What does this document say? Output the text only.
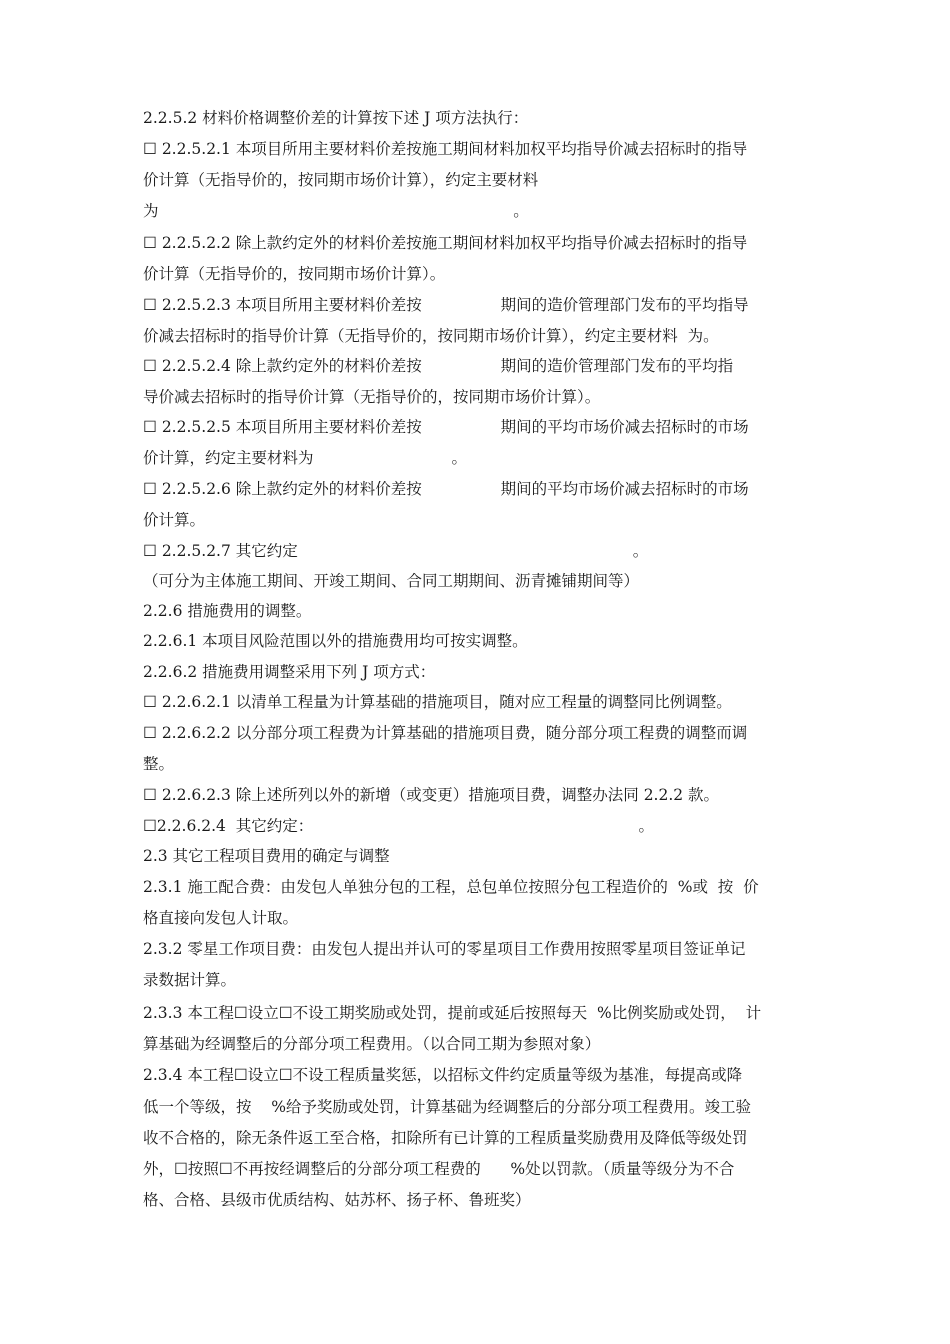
2.2.5.2 材料价格调整价差的计算按下述 J 项方法执行：
☐ 2.2.5.2.1 本项目所用主要材料价差按施工期间材料加权平均指导价减去招标时的指导
价计算（无指导价的，按同期市场价计算），约定主要材料
为                                                                        。
☐ 2.2.5.2.2 除上款约定外的材料价差按施工期间材料加权平均指导价减去招标时的指导
价计算（无指导价的，按同期市场价计算）。
☐ 2.2.5.2.3 本项目所用主要材料价差按                期间的造价管理部门发布的平均指导
价减去招标时的指导价计算（无指导价的，按同期市场价计算），约定主要材料  为。
☐ 2.2.5.2.4 除上款约定外的材料价差按                期间的造价管理部门发布的平均指
导价减去招标时的指导价计算（无指导价的，按同期市场价计算）。
☐ 2.2.5.2.5 本项目所用主要材料价差按                期间的平均市场价减去招标时的市场
价计算，约定主要材料为                            。
☐ 2.2.5.2.6 除上款约定外的材料价差按                期间的平均市场价减去招标时的市场
价计算。
☐ 2.2.5.2.7 其它约定                                                                    。
（可分为主体施工期间、开竣工期间、合同工期期间、沥青摊铺期间等）
2.2.6 措施费用的调整。
2.2.6.1 本项目风险范围以外的措施费用均可按实调整。
2.2.6.2 措施费用调整采用下列 J 项方式：
☐ 2.2.6.2.1 以清单工程量为计算基础的措施项目，随对应工程量的调整同比例调整。
☐ 2.2.6.2.2 以分部分项工程费为计算基础的措施项目费，随分部分项工程费的调整而调
整。
☐ 2.2.6.2.3 除上述所列以外的新增（或变更）措施项目费，调整办法同 2.2.2 款。
☐2.2.6.2.4  其它约定：                                                                  。
2.3 其它工程项目费用的确定与调整
2.3.1 施工配合费：由发包人单独分包的工程，总包单位按照分包工程造价的  %或  按  价
格直接向发包人计取。
2.3.2 零星工作项目费：由发包人提出并认可的零星项目工作费用按照零星项目签证单记
录数据计算。
2.3.3 本工程☐设立☐不设工期奖励或处罚，提前或延后按照每天  %比例奖励或处罚，  计
算基础为经调整后的分部分项工程费用。（以合同工期为参照对象）
2.3.4 本工程☐设立☐不设工程质量奖惩，以招标文件约定质量等级为基准，每提高或降
低一个等级，按    %给予奖励或处罚，计算基础为经调整后的分部分项工程费用。竣工验
收不合格的，除无条件返工至合格，扣除所有已计算的工程质量奖励费用及降低等级处罚
外，☐按照☐不再按经调整后的分部分项工程费的      %处以罚款。（质量等级分为不合
格、合格、县级市优质结构、姑苏杯、扬子杯、鲁班奖）
